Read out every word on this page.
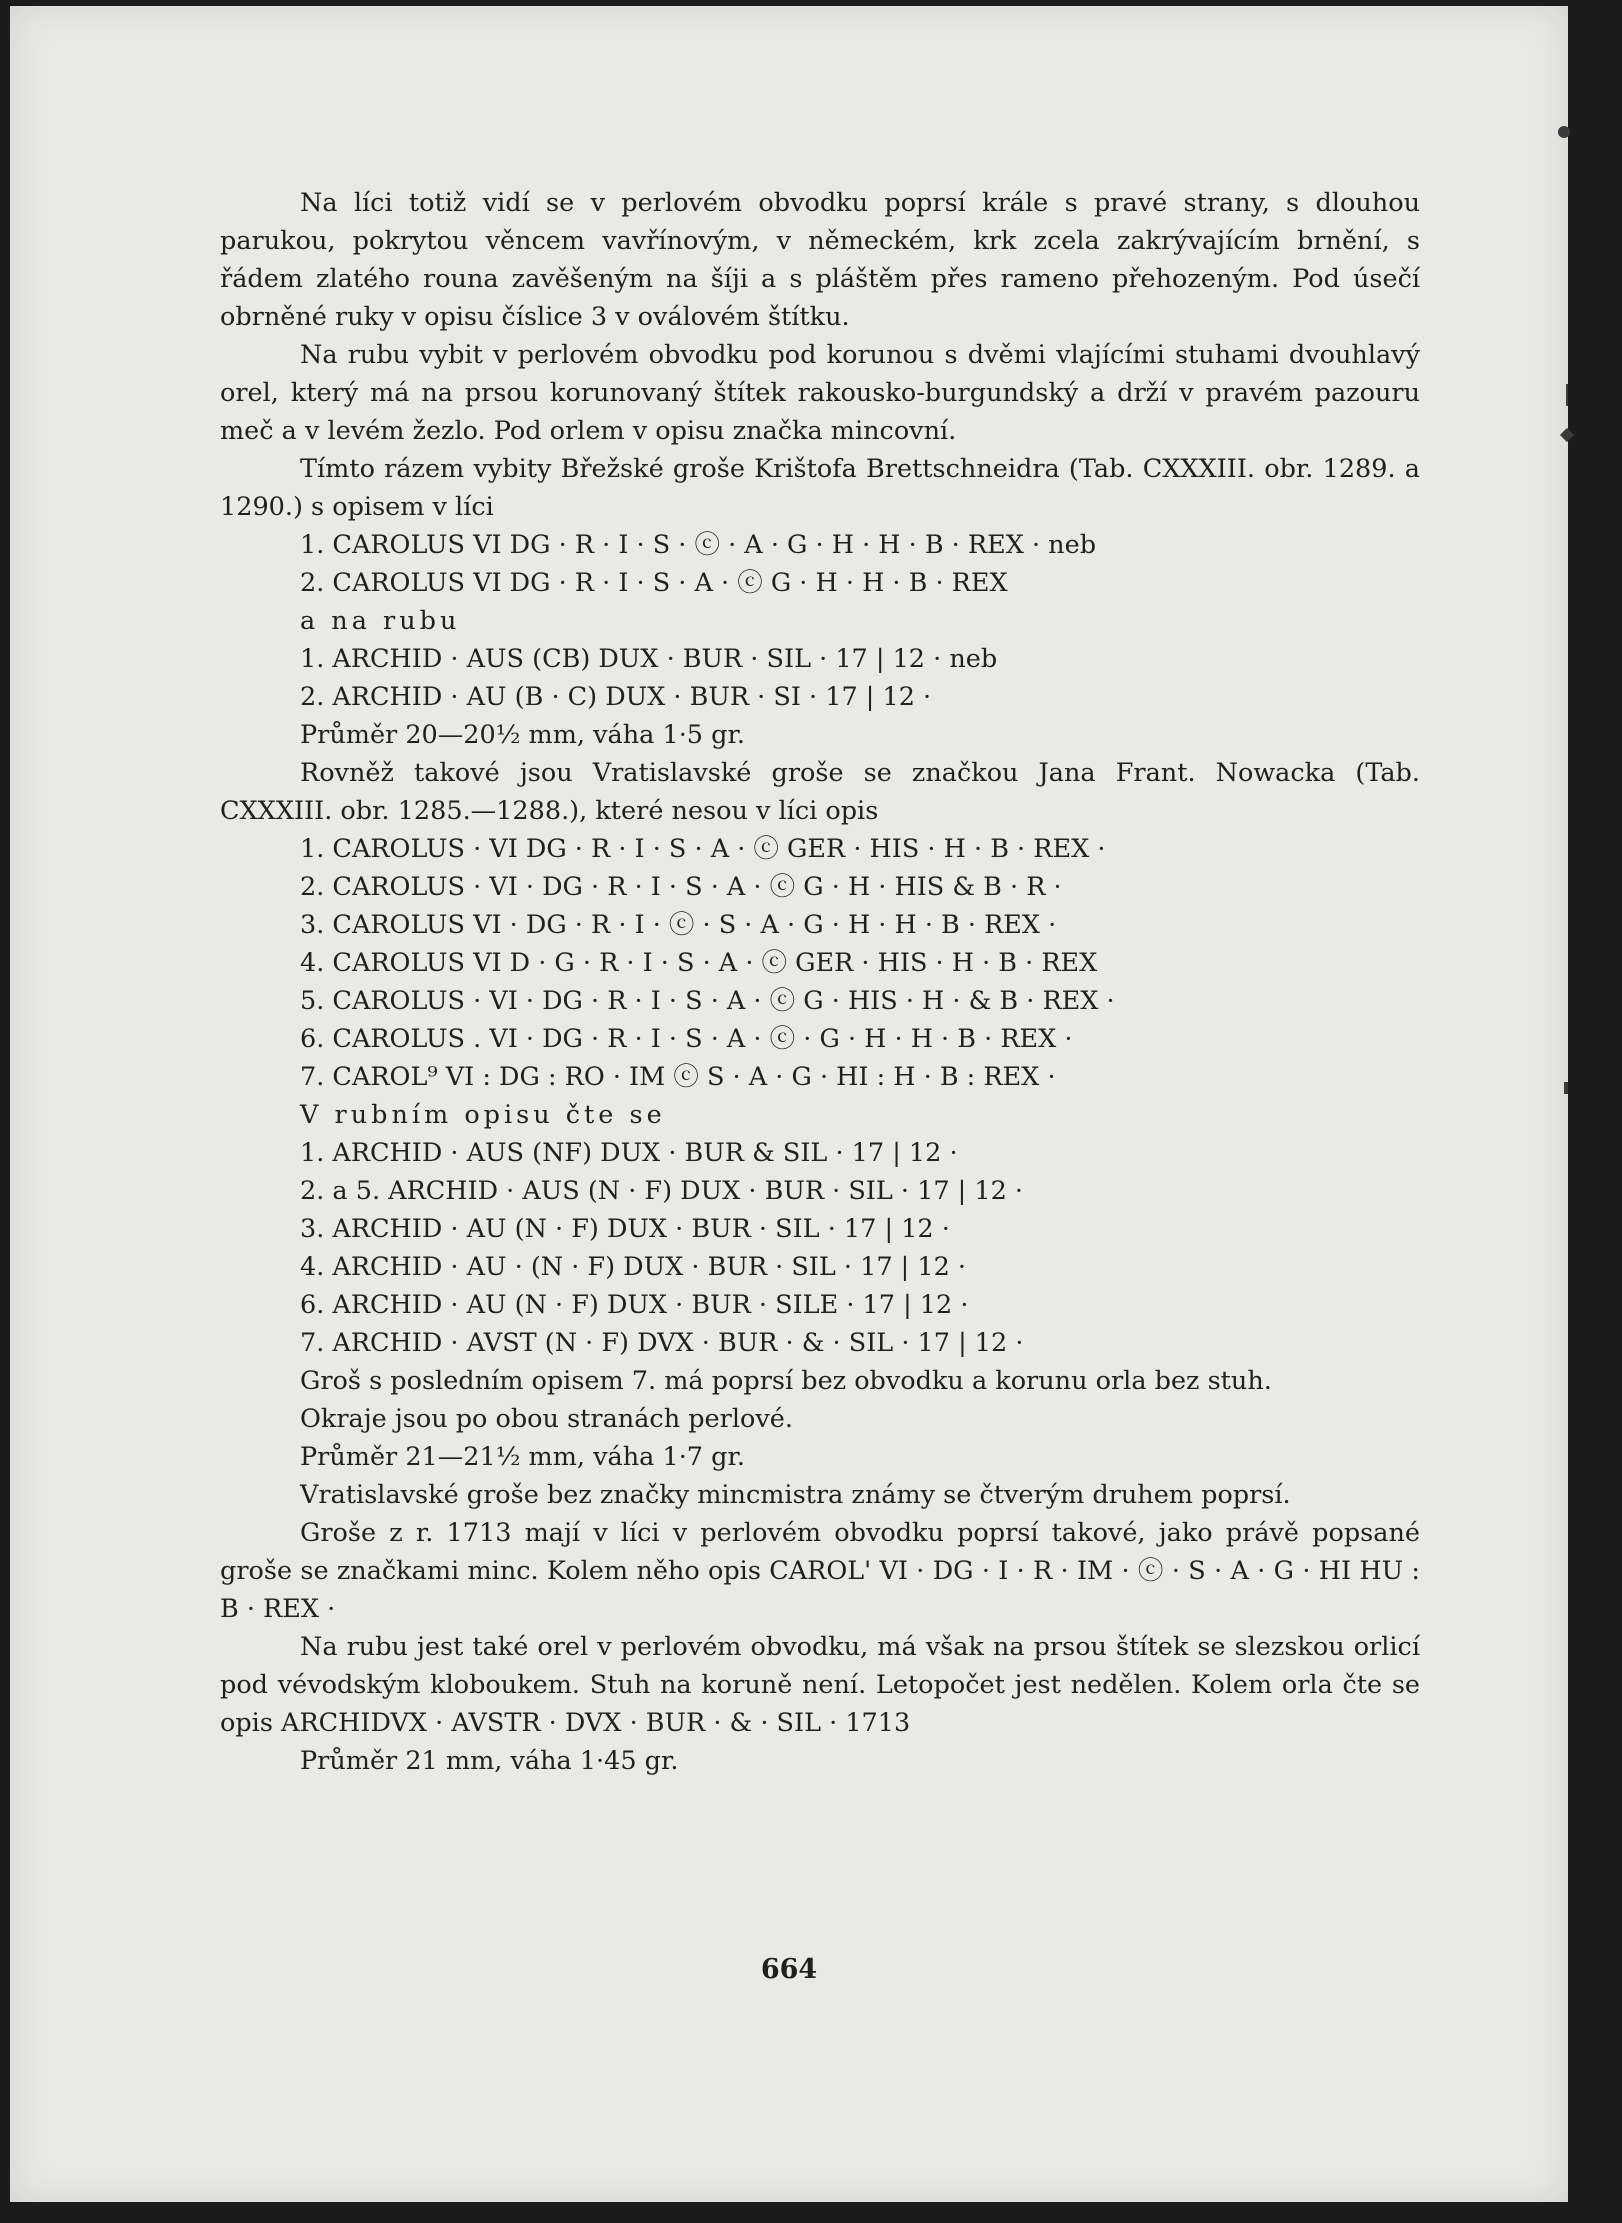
Na líci totiž vidí se v perlovém obvodku poprsí krále s pravé strany, s dlouhou parukou, pokrytou věncem vavřínovým, v německém, krk zcela zakrývajícím brnění, s řádem zlatého rouna zavěšeným na šíji a s pláštěm přes rameno přehozeným. Pod úsečí obrněné ruky v opisu číslice 3 v oválovém štítku.

Na rubu vybit v perlovém obvodku pod korunou s dvěmi vlajícími stuhami dvouhlavý orel, který má na prsou korunovaný štítek rakousko-burgundský a drží v pravém pazouru meč a v levém žezlo. Pod orlem v opisu značka mincovní.

Tímto rázem vybity Břežské groše Krištofa Brettschneidra (Tab. CXXXIII. obr. 1289. a 1290.) s opisem v líci

1. CAROLUS VI DG · R · I · S · ⓒ · A · G · H · H · B · REX · neb
2. CAROLUS VI DG · R · I · S · A · ⓒ G · H · H · B · REX
a na rubu
1. ARCHID · AUS (CB) DUX · BUR · SIL · 17 | 12 · neb
2. ARCHID · AU (B · C) DUX · BUR · SI · 17 | 12 ·
Průměr 20—20½ mm, váha 1·5 gr.

Rovněž takové jsou Vratislavské groše se značkou Jana Frant. Nowacka (Tab. CXXXIII. obr. 1285.—1288.), které nesou v líci opis

1. CAROLUS · VI DG · R · I · S · A · ⓒ GER · HIS · H · B · REX ·
2. CAROLUS · VI · DG · R · I · S · A · ⓒ G · H · HIS & B · R ·
3. CAROLUS VI · DG · R · I · ⓒ · S · A · G · H · H · B · REX ·
4. CAROLUS VI D · G · R · I · S · A · ⓒ GER · HIS · H · B · REX
5. CAROLUS · VI · DG · R · I · S · A · ⓒ G · HIS · H · & B · REX ·
6. CAROLUS . VI · DG · R · I · S · A · ⓒ · G · H · H · B · REX ·
7. CAROL⁹ VI : DG : RO · IM ⓒ S · A · G · HI : H · B : REX ·
V rubním opisu čte se
1. ARCHID · AUS (NF) DUX · BUR & SIL · 17 | 12 ·
2. a 5. ARCHID · AUS (N · F) DUX · BUR · SIL · 17 | 12 ·
3. ARCHID · AU (N · F) DUX · BUR · SIL · 17 | 12 ·
4. ARCHID · AU · (N · F) DUX · BUR · SIL · 17 | 12 ·
6. ARCHID · AU (N · F) DUX · BUR · SILE · 17 | 12 ·
7. ARCHID · AVST (N · F) DVX · BUR · & · SIL · 17 | 12 ·
Groš s posledním opisem 7. má poprsí bez obvodku a korunu orla bez stuh.
Okraje jsou po obou stranách perlové.
Průměr 21—21½ mm, váha 1·7 gr.

Vratislavské groše bez značky mincmistra známy se čtverým druhem poprsí.

Groše z r. 1713 mají v líci v perlovém obvodku poprsí takové, jako právě popsané groše se značkami minc. Kolem něho opis CAROL' VI · DG · I · R · IM · ⓒ · S · A · G · HI HU : B · REX ·

Na rubu jest také orel v perlovém obvodku, má však na prsou štítek se slezskou orlicí pod vévodským kloboukem. Stuh na koruně není. Letopočet jest nedělen. Kolem orla čte se opis ARCHIDVX · AVSTR · DVX · BUR · & · SIL · 1713

Průměr 21 mm, váha 1·45 gr.
664
